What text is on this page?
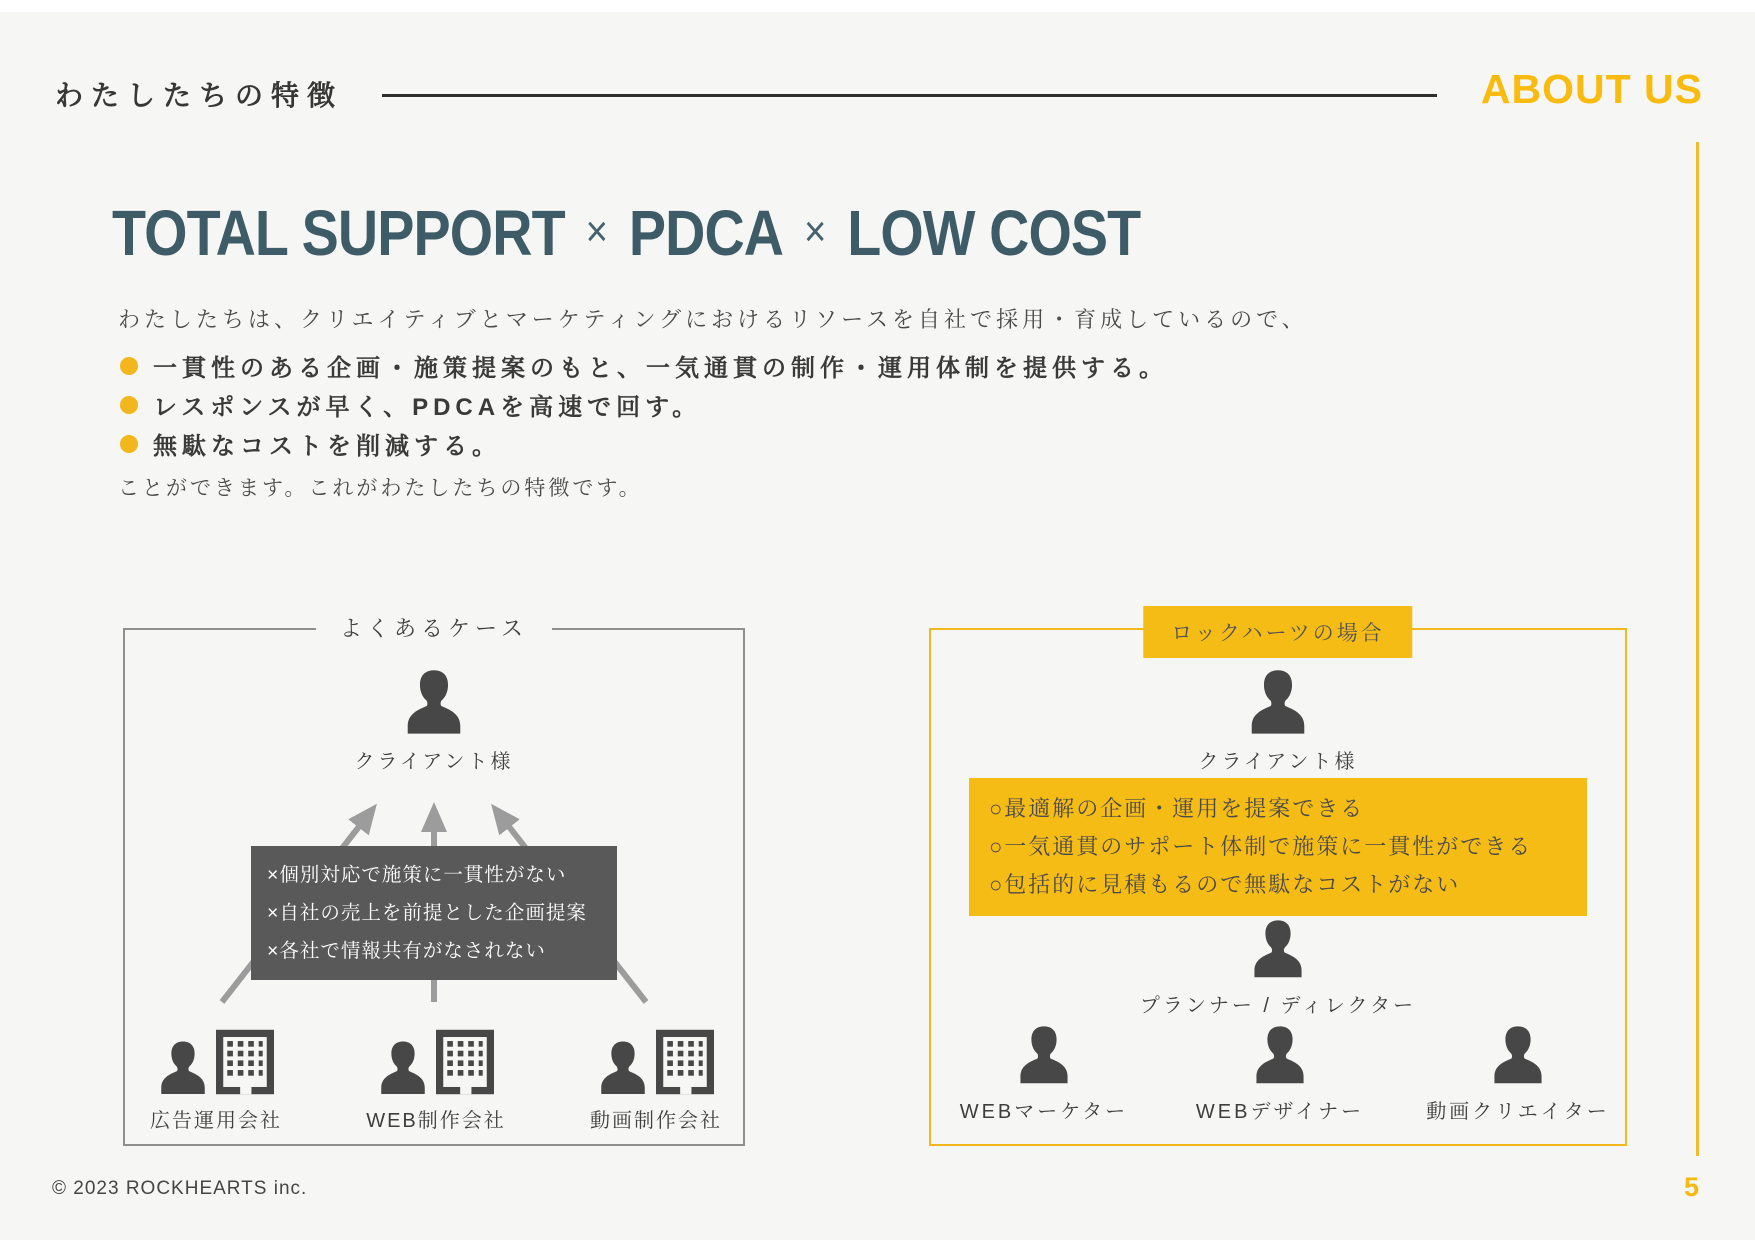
わたしたちの特徴	ABOUT US
TOTAL SUPPORT × PDCA × LOW COST
わたしたちは、クリエイティブとマーケティングにおけるリソースを自社で採用・育成しているので、
一貫性のある企画・施策提案のもと、一気通貫の制作・運用体制を提供する。
レスポンスが早く、PDCAを高速で回す。
無駄なコストを削減する。
ことができます。これがわたしたちの特徴です。
よくあるケース
クライアント様
×個別対応で施策に一貫性がない
×自社の売上を前提とした企画提案
×各社で情報共有がなされない
広告運用会社	WEB制作会社	動画制作会社
ロックハーツの場合
クライアント様
○最適解の企画・運用を提案できる
○一気通貫のサポート体制で施策に一貫性ができる
○包括的に見積もるので無駄なコストがない
プランナー / ディレクター
WEBマーケター	WEBデザイナー	動画クリエイター
5
© 2023 ROCKHEARTS inc.
